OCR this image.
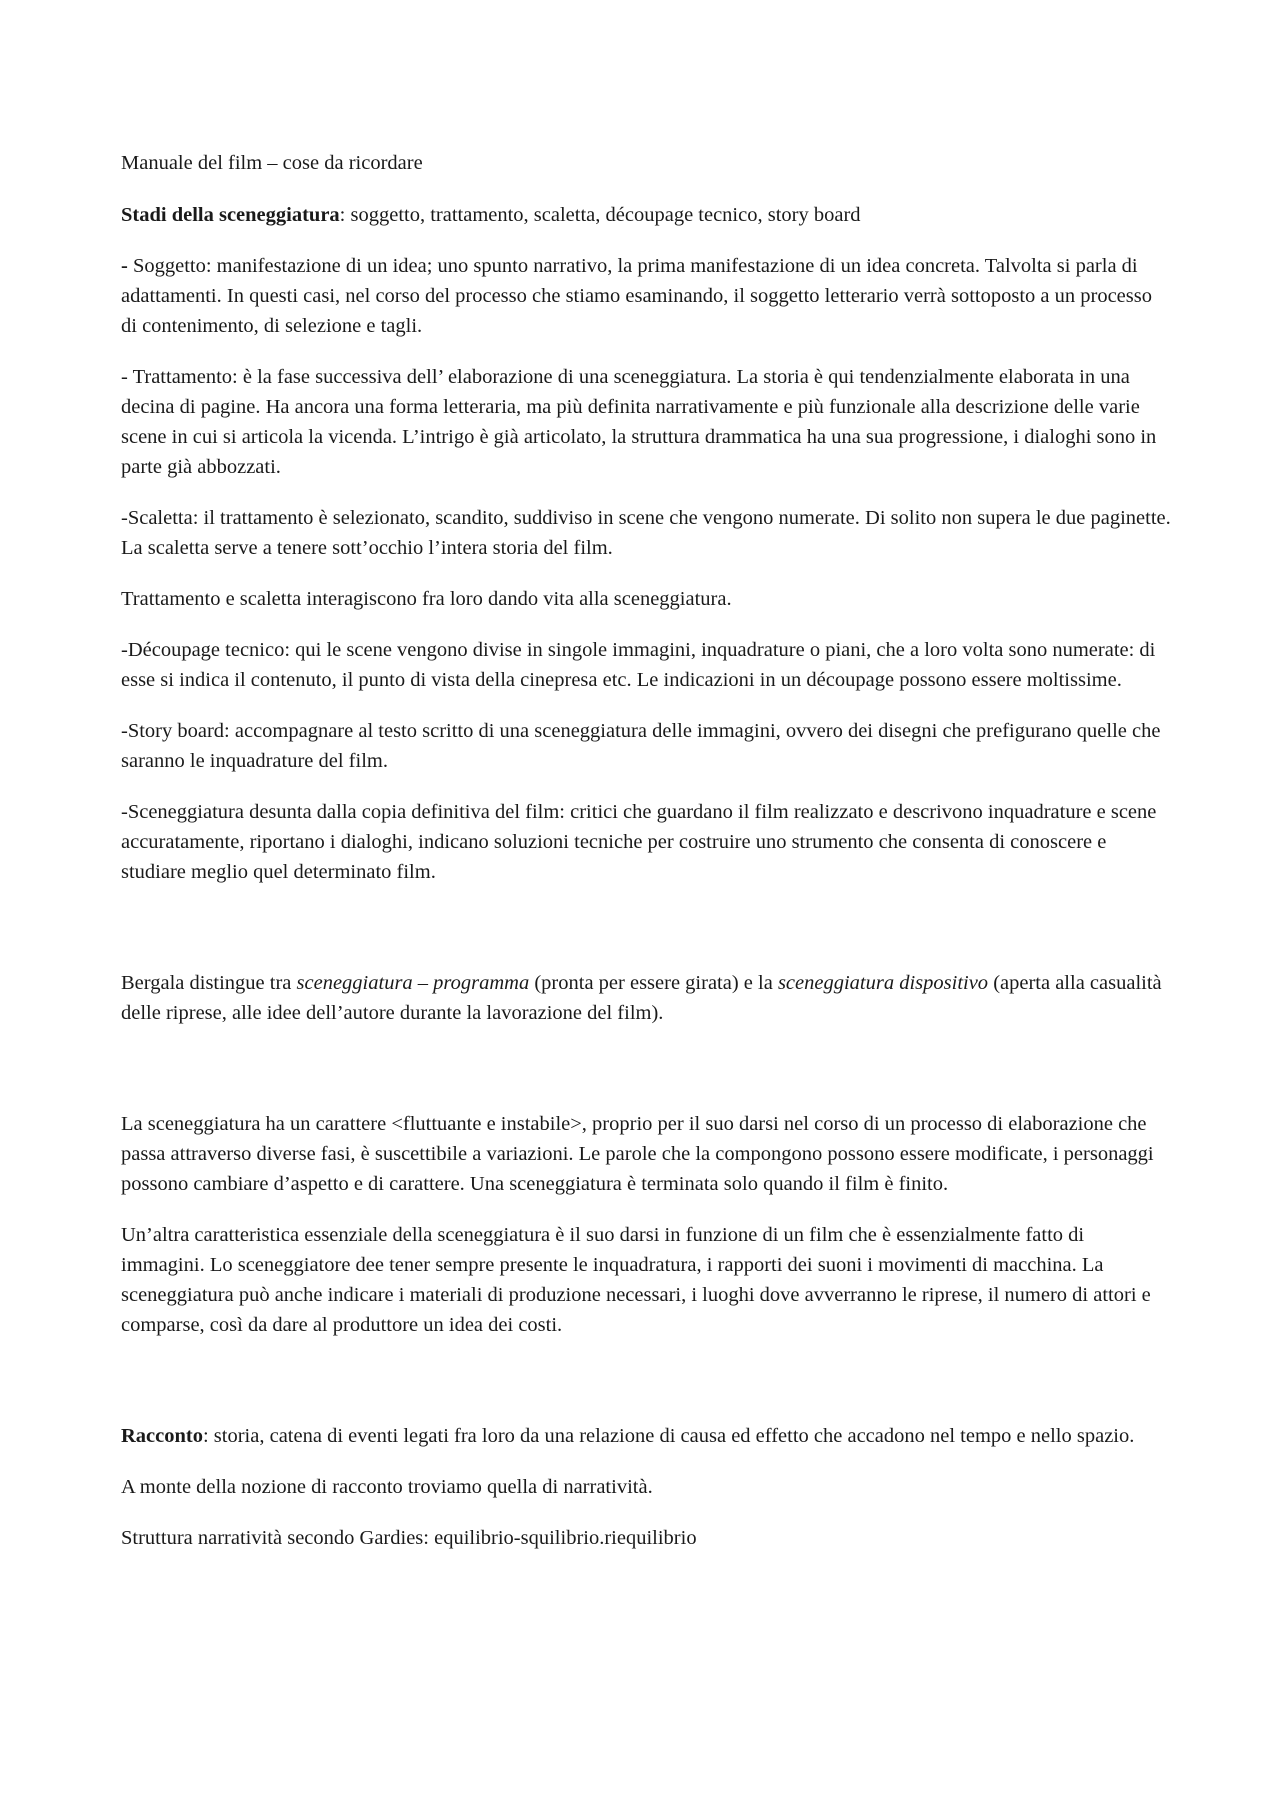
Manuale del film – cose da ricordare

Stadi della sceneggiatura: soggetto, trattamento, scaletta, découpage tecnico, story board

- Soggetto: manifestazione di un idea; uno spunto narrativo, la prima manifestazione di un idea concreta. Talvolta si parla di adattamenti. In questi casi, nel corso del processo che stiamo esaminando, il soggetto letterario verrà sottoposto a un processo di contenimento, di selezione e tagli.

- Trattamento: è la fase successiva dell’ elaborazione di una sceneggiatura. La storia è qui tendenzialmente elaborata in una decina di pagine. Ha ancora una forma letteraria, ma più definita narrativamente e più funzionale alla descrizione delle varie scene in cui si articola la vicenda. L’intrigo è già articolato, la struttura drammatica ha una sua progressione, i dialoghi sono in parte già abbozzati.

-Scaletta: il trattamento è selezionato, scandito, suddiviso in scene che vengono numerate. Di solito non supera le due paginette. La scaletta serve a tenere sott’occhio l’intera storia del film.

Trattamento e scaletta interagiscono fra loro dando vita alla sceneggiatura.

-Découpage tecnico: qui le scene vengono divise in singole immagini, inquadrature o piani, che a loro volta sono numerate: di esse si indica il contenuto, il punto di vista della cinepresa etc. Le indicazioni in un découpage possono essere moltissime.

-Story board: accompagnare al testo scritto di una sceneggiatura delle immagini, ovvero dei disegni che prefigurano quelle che saranno le inquadrature del film.

-Sceneggiatura desunta dalla copia definitiva del film: critici che guardano il film realizzato e descrivono inquadrature e scene accuratamente, riportano i dialoghi, indicano soluzioni tecniche per costruire uno strumento che consenta di conoscere e studiare meglio quel determinato film.

Bergala distingue tra sceneggiatura – programma (pronta per essere girata) e la sceneggiatura dispositivo (aperta alla casualità delle riprese, alle idee dell’autore durante la lavorazione del film).

La sceneggiatura ha un carattere <fluttuante e instabile>, proprio per il suo darsi nel corso di un processo di elaborazione che passa attraverso diverse fasi, è suscettibile a variazioni. Le parole che la compongono possono essere modificate, i personaggi possono cambiare d’aspetto e di carattere. Una sceneggiatura è terminata solo quando il film è finito.

Un’altra caratteristica essenziale della sceneggiatura è il suo darsi in funzione di un film che è essenzialmente fatto di immagini. Lo sceneggiatore dee tener sempre presente le inquadratura, i rapporti dei suoni i movimenti di macchina. La sceneggiatura può anche indicare i materiali di produzione necessari, i luoghi dove avverranno le riprese, il numero di attori e comparse, così da dare al produttore un idea dei costi.

Racconto: storia, catena di eventi legati fra loro da una relazione di causa ed effetto che accadono nel tempo e nello spazio.

A monte della nozione di racconto troviamo quella di narratività.

Struttura narratività secondo Gardies: equilibrio-squilibrio.riequilibrio
